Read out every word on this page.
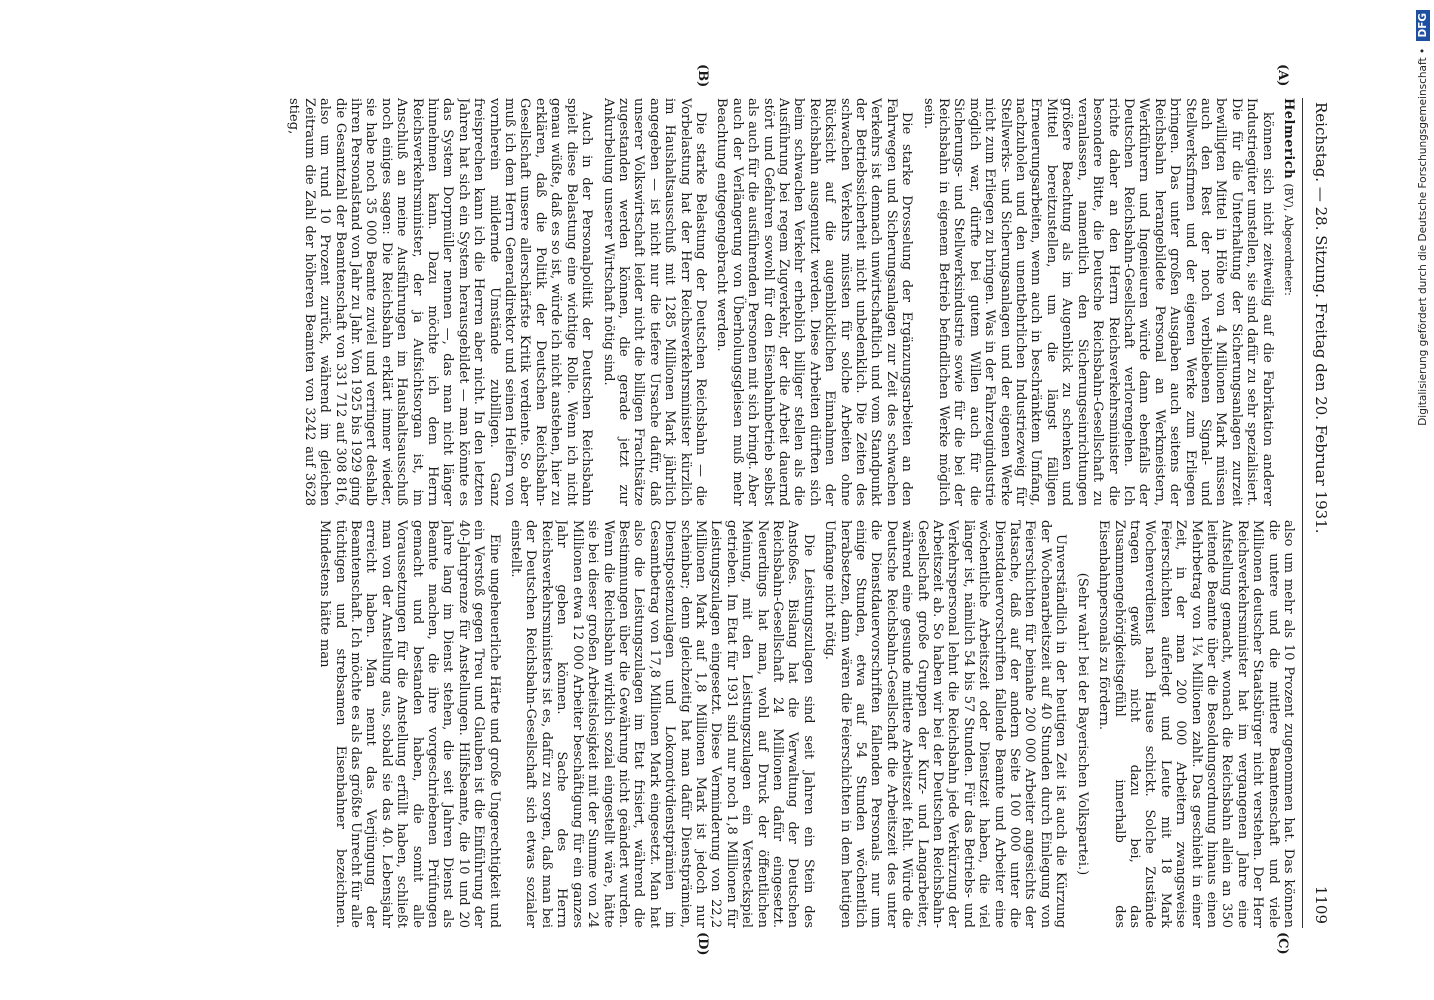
Reichstag. — 28. Sitzung. Freitag den 20. Februar 1931.
1109

Helmerich (BV), Abgeordneter:

können sich nicht zeitweilig auf die Fabrikation anderer Industriegüter umstellen, sie sind dafür zu sehr spezialisiert. Die für die Unterhaltung der Sicherungsanlagen zurzeit bewilligten Mittel in Höhe von 4 Millionen Mark müssen auch den Rest der noch verbliebenen Signal- und Stellwerksfirmen und der eigenen Werke zum Erliegen bringen. Das unter großen Ausgaben auch seitens der Reichsbahn herangebildete Personal an Werkmeistern, Werkführern und Ingenieuren würde dann ebenfalls der Deutschen Reichsbahn-Gesellschaft verlorengehen. Ich richte daher an den Herrn Reichsverkehrsminister die besondere Bitte, die Deutsche Reichsbahn-Gesellschaft zu veranlassen, namentlich den Sicherungseinrichtungen größere Beachtung als im Augenblick zu schenken und Mittel bereitzustellen, um die längst fälligen Erneuerungsarbeiten, wenn auch in beschränktem Umfang, nachzuholen und den unentbehrlichen Industriezweig für Stellwerks- und Sicherungsanlagen und der eigenen Werke nicht zum Erliegen zu bringen. Was in der Fahrzeugindustrie möglich war, dürfte bei gutem Willen auch für die Sicherungs- und Stellwerksindustrie sowie für die bei der Reichsbahn in eigenem Betrieb befindlichen Werke möglich sein.

Die starke Drosselung der Ergänzungsarbeiten an den Fahrwegen und Sicherungsanlagen zur Zeit des schwachen Verkehrs ist demnach unwirtschaftlich und vom Standpunkt der Betriebssicherheit nicht unbedenklich. Die Zeiten des schwachen Verkehrs müssten für solche Arbeiten ohne Rücksicht auf die augenblicklichen Einnahmen der Reichsbahn ausgenutzt werden. Diese Arbeiten dürften sich beim schwachen Verkehr erheblich billiger stellen als die Ausführung bei regem Zugverkehr, der die Arbeit dauernd stört und Gefahren sowohl für den Eisenbahnbetrieb selbst als auch für die ausführenden Personen mit sich bringt. Aber auch der Verlängerung von Überholungsgleisen muß mehr Beachtung entgegengebracht werden.

Die starke Belastung der Deutschen Reichsbahn — die Vorbelastung hat der Herr Reichsverkehrsminister kürzlich im Haushaltsausschuß mit 1285 Millionen Mark jährlich angegeben — ist nicht nur die tiefere Ursache dafür, daß unserer Volkswirtschaft leider nicht die billigen Frachtsätze zugestanden werden können, die gerade jetzt zur Ankurbelung unserer Wirtschaft nötig sind.

Auch in der Personalpolitik der Deutschen Reichsbahn spielt diese Belastung eine wichtige Rolle. Wenn ich nicht genau wüßte, daß es so ist, würde ich nicht anstehen, hier zu erklären, daß die Politik der Deutschen Reichsbahn-Gesellschaft unsere allerschärfste Kritik verdiente. So aber muß ich dem Herrn Generaldirektor und seinen Helfern von vornherein mildernde Umstände zubilligen. Ganz freisprechen kann ich die Herren aber nicht. In den letzten Jahren hat sich ein System herausgebildet — man könnte es das System Dorpmüller nennen —, das man nicht länger hinnehmen kann. Dazu möchte ich dem Herrn Reichsverkehrsminister, der ja Aufsichtsorgan ist, im Anschluß an meine Ausführungen im Haushaltsausschuß noch einiges sagen: Die Reichsbahn erklärt immer wieder, sie habe noch 35 000 Beamte zuviel und verringert deshalb ihren Personalstand von Jahr zu Jahr. Von 1925 bis 1929 ging die Gesamtzahl der Beamtenschaft von 331 712 auf 308 816, also um rund 10 Prozent zurück, während im gleichen Zeitraum die Zahl der höheren Beamten von 3242 auf 3628 stieg,

also um mehr als 10 Prozent zugenommen hat. Das können die untere und die mittlere Beamtenschaft und viele Millionen deutscher Staatsbürger nicht verstehen. Der Herr Reichsverkehrsminister hat im vergangenen Jahre eine Aufstellung gemacht, wonach die Reichsbahn allein an 350 leitende Beamte über die Besoldungsordnung hinaus einen Mehrbetrag von 1¼ Millionen zahlt. Das geschieht in einer Zeit, in der man 200 000 Arbeitern zwangsweise Feierschichten auferlegt und Leute mit 18 Mark Wochenverdienst nach Hause schickt. Solche Zustände tragen gewiß nicht dazu bei, das Zusammengehörigkeitsgefühl innerhalb des Eisenbahnpersonals zu fördern.

(Sehr wahr! bei der Bayerischen Volkspartei.)

Unverständlich in der heutigen Zeit ist auch die Kürzung der Wochenarbeitszeit auf 40 Stunden durch Einlegung von Feierschichten für beinahe 200 000 Arbeiter angesichts der Tatsache, daß auf der andern Seite 100 000 unter die Dienstdauervorschriften fallende Beamte und Arbeiter eine wöchentliche Arbeitszeit oder Dienstzeit haben, die viel länger ist, nämlich 54 bis 57 Stunden. Für das Betriebs- und Verkehrspersonal lehnt die Reichsbahn jede Verkürzung der Arbeitszeit ab. So haben wir bei der Deutschen Reichsbahn-Gesellschaft große Gruppen der Kurz- und Langarbeiter, während eine gesunde mittlere Arbeitszeit fehlt. Würde die Deutsche Reichsbahn-Gesellschaft die Arbeitszeit des unter die Dienstdauervorschriften fallenden Personals nur um einige Stunden, etwa auf 54 Stunden wöchentlich herabsetzen, dann wären die Feierschichten in dem heutigen Umfange nicht nötig.

Die Leistungszulagen sind seit Jahren ein Stein des Anstoßes. Bislang hat die Verwaltung der Deutschen Reichsbahn-Gesellschaft 24 Millionen dafür eingesetzt. Neuerdings hat man, wohl auf Druck der öffentlichen Meinung, mit den Leistungszulagen ein Versteckspiel getrieben. Im Etat für 1931 sind nur noch 1,8 Millionen für Leistungszulagen eingesetzt. Diese Verminderung von 22,2 Millionen Mark auf 1,8 Millionen Mark ist jedoch nur scheinbar; denn gleichzeitig hat man dafür Dienstprämien, Dienstpostenzulagen und Lokomotivdienstprämien im Gesamtbetrag von 17,8 Millionen Mark eingesetzt. Man hat also die Leistungszulagen im Etat frisiert, während die Bestimmungen über die Gewährung nicht geändert wurden. Wenn die Reichsbahn wirklich sozial eingestellt wäre, hätte sie bei dieser großen Arbeitslosigkeit mit der Summe von 24 Millionen etwa 12 000 Arbeiter beschäftigung für ein ganzes Jahr geben können. Sache des Herrn Reichsverkehrsministers ist es, dafür zu sorgen, daß man bei der Deutschen Reichsbahn-Gesellschaft sich etwas sozialer einstellt.

Eine ungeheuerliche Härte und große Ungerechtigkeit und ein Verstoß gegen Treu und Glauben ist die Einführung der 40-Jahrgrenze für Anstellungen. Hilfsbeamte, die 10 und 20 Jahre lang im Dienst stehen, die seit Jahren Dienst als Beamte machen, die ihre vorgeschriebenen Prüfungen gemacht und bestanden haben, die somit alle Voraussetzungen für die Anstellung erfüllt haben, schließt man von der Anstellung aus, sobald sie das 40. Lebensjahr erreicht haben. Man nennt das Verjüngung der Beamtenschaft. Ich möchte es als das größte Unrecht für alle tüchtigen und strebsamen Eisenbahner bezeichnen. Mindestens hätte man

(A)
(B)
(C)
(D)
Digitalisierung gefördert durch die Deutsche Forschungsgemeinschaft • DFG
